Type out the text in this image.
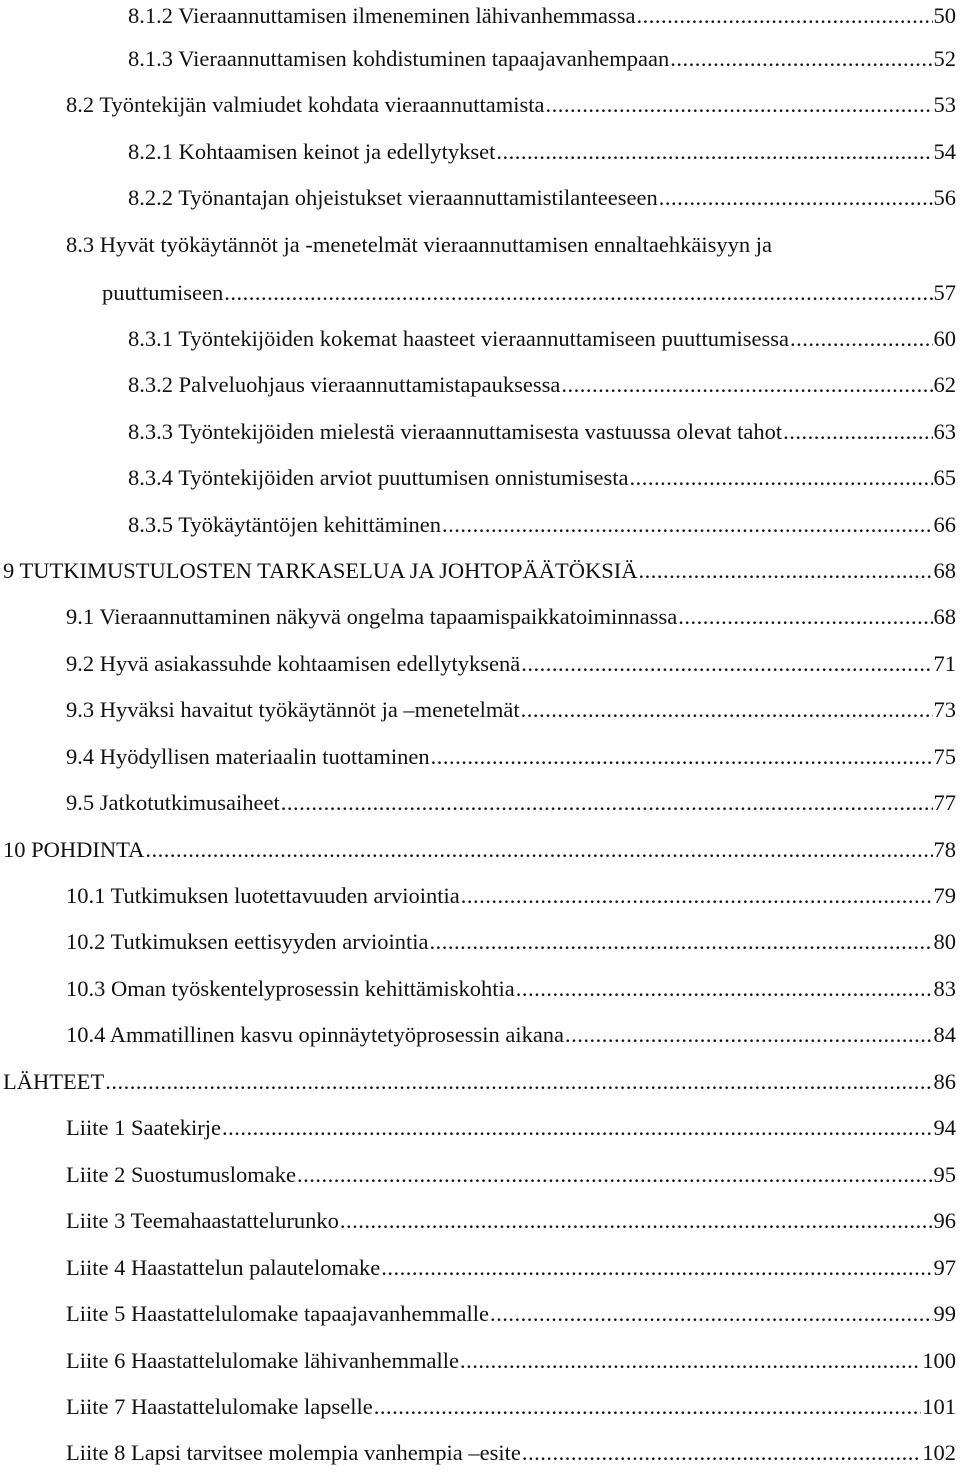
8.1.2 Vieraannuttamisen ilmeneminen lähivanhemmassa .....	50
8.1.3 Vieraannuttamisen kohdistuminen tapaajavanhempaan .....	52
8.2 Työntekijän valmiudet kohdata vieraannuttamista .....	53
8.2.1 Kohtaamisen keinot ja edellytykset .....	54
8.2.2 Työnantajan ohjeistukset vieraannuttamistilanteeseen .....	56
8.3 Hyvät työkäytännöt ja -menetelmät vieraannuttamisen ennaltaehkäisyyn ja
puuttumiseen .....	57
8.3.1 Työntekijöiden kokemat haasteet vieraannuttamiseen puuttumisessa .....	60
8.3.2 Palveluohjaus vieraannuttamistapauksessa .....	62
8.3.3 Työntekijöiden mielestä vieraannuttamisesta vastuussa olevat tahot .....	63
8.3.4 Työntekijöiden arviot puuttumisen onnistumisesta .....	65
8.3.5 Työkäytäntöjen kehittäminen .....	66
9 TUTKIMUSTULOSTEN TARKASELUA JA JOHTOPÄÄTÖKSIÄ .....	68
9.1 Vieraannuttaminen näkyvä ongelma tapaamispaikkatoiminnassa .....	68
9.2 Hyvä asiakassuhde kohtaamisen edellytyksenä .....	71
9.3 Hyväksi havaitut työkäytännöt ja –menetelmät .....	73
9.4 Hyödyllisen materiaalin tuottaminen .....	75
9.5 Jatkotutkimusaiheet .....	77
10 POHDINTA .....	78
10.1 Tutkimuksen luotettavuuden arviointia .....	79
10.2 Tutkimuksen eettisyyden arviointia .....	80
10.3 Oman työskentelyprosessin kehittämiskohtia .....	83
10.4 Ammatillinen kasvu opinnäytetyöprosessin aikana .....	84
LÄHTEET .....	86
Liite 1 Saatekirje .....	94
Liite 2 Suostumuslomake .....	95
Liite 3 Teemahaastattelurunko .....	96
Liite 4 Haastattelun palautelomake .....	97
Liite 5 Haastattelulomake tapaajavanhemmalle .....	99
Liite 6 Haastattelulomake lähivanhemmalle .....	100
Liite 7 Haastattelulomake lapselle .....	101
Liite 8 Lapsi tarvitsee molempia vanhempia –esite .....	102
